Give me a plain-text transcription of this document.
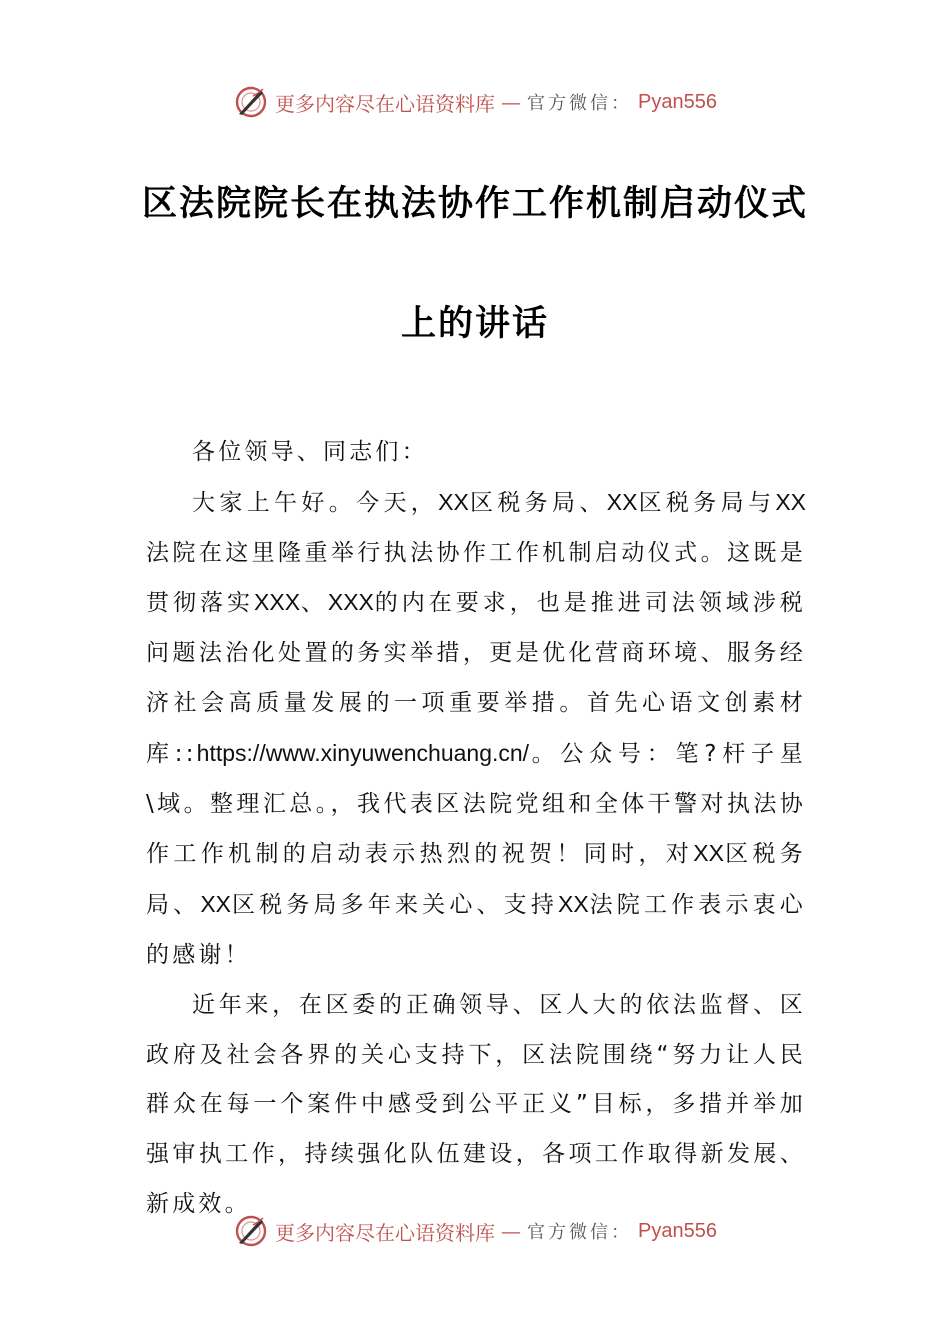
更多内容尽在心语资料库 — 官方微信： Pyan556
区法院院长在执法协作工作机制启动仪式
上的讲话

各位领导、同志们：

大家上午好。今天，XX区税务局、XX区税务局与XX法院在这里隆重举行执法协作工作机制启动仪式。这既是贯彻落实XXX、XXX的内在要求，也是推进司法领域涉税问题法治化处置的务实举措，更是优化营商环境、服务经济社会高质量发展的一项重要举措。首先心语文创素材库::https://www.xinyuwenchuang.cn/。公众号：笔?杆子星\域。整理汇总。，我代表区法院党组和全体干警对执法协作工作机制的启动表示热烈的祝贺！同时，对XX区税务局、XX区税务局多年来关心、支持XX法院工作表示衷心的感谢！

近年来，在区委的正确领导、区人大的依法监督、区政府及社会各界的关心支持下，区法院围绕“努力让人民群众在每一个案件中感受到公平正义”目标，多措并举加强审执工作，持续强化队伍建设，各项工作取得新发展、新成效。

更多内容尽在心语资料库 — 官方微信： Pyan556
